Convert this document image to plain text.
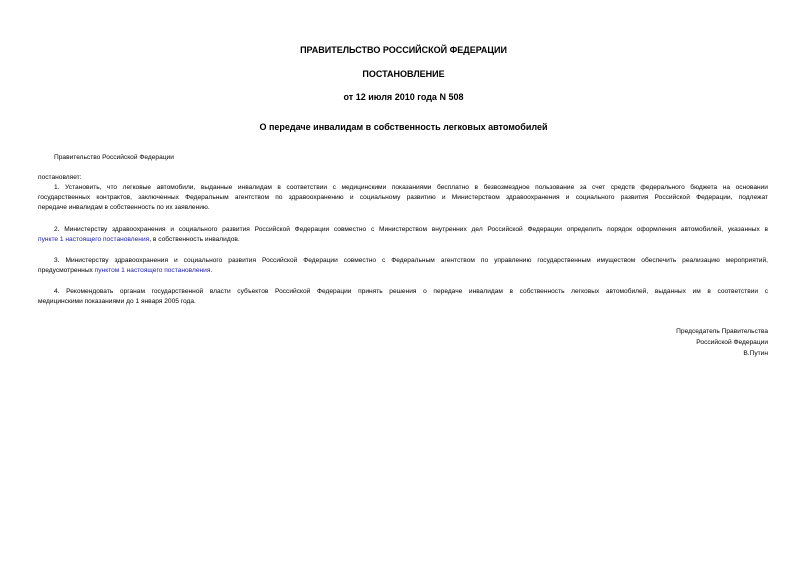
ПРАВИТЕЛЬСТВО РОССИЙСКОЙ ФЕДЕРАЦИИ
ПОСТАНОВЛЕНИЕ
от 12 июля 2010 года N 508
О передаче инвалидам в собственность легковых автомобилей
Правительство Российской Федерации
постановляет:
1. Установить, что легковые автомобили, выданные инвалидам в соответствии с медицинскими показаниями бесплатно в безвозмездное пользование за счет средств федерального бюджета на основании
государственных контрактов, заключенных Федеральным агентством по здравоохранению и социальному развитию и Министерством здравоохранения и социального развития Российской Федерации, подлежат
передаче инвалидам в собственность по их заявлению.
2. Министерству здравоохранения и социального развития Российской Федерации совместно с Министерством внутренних дел Российской Федерации определить порядок оформления автомобилей, указанных в
пункте 1 настоящего постановления, в собственность инвалидов.
3. Министерству здравоохранения и социального развития Российской Федерации совместно с Федеральным агентством по управлению государственным имуществом обеспечить реализацию мероприятий,
предусмотренных пунктом 1 настоящего постановления.
4. Рекомендовать органам государственной власти субъектов Российской Федерации принять решения о передаче инвалидам в собственность легковых автомобилей, выданных им в соответствии с
медицинскими показаниями до 1 января 2005 года.
Председатель Правительства
Российской Федерации
В.Путин
